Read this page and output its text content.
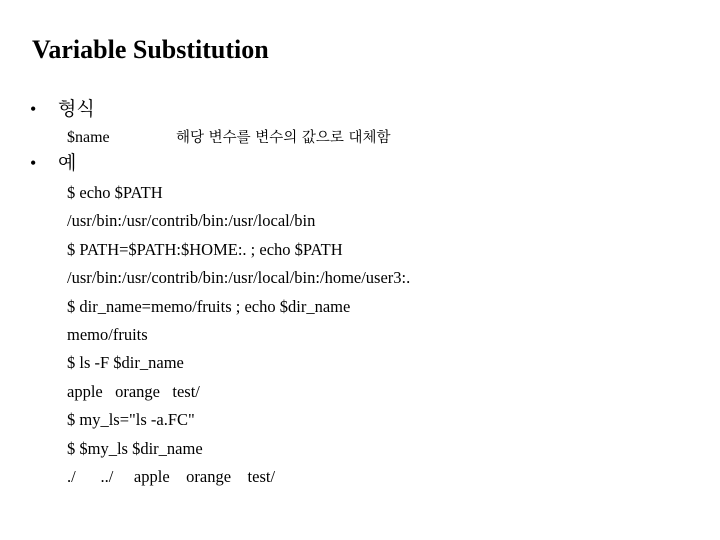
Variable Substitution
• 형식
$name	해당 변수를 변수의 값으로 대체함
• 예
$ echo $PATH
/usr/bin:/usr/contrib/bin:/usr/local/bin
$ PATH=$PATH:$HOME:. ; echo $PATH
/usr/bin:/usr/contrib/bin:/usr/local/bin:/home/user3:.
$ dir_name=memo/fruits ; echo $dir_name
memo/fruits
$ ls -F $dir_name
apple   orange   test/
$ my_ls="ls -a.FC"
$ $my_ls $dir_name
./      ../     apple    orange    test/
